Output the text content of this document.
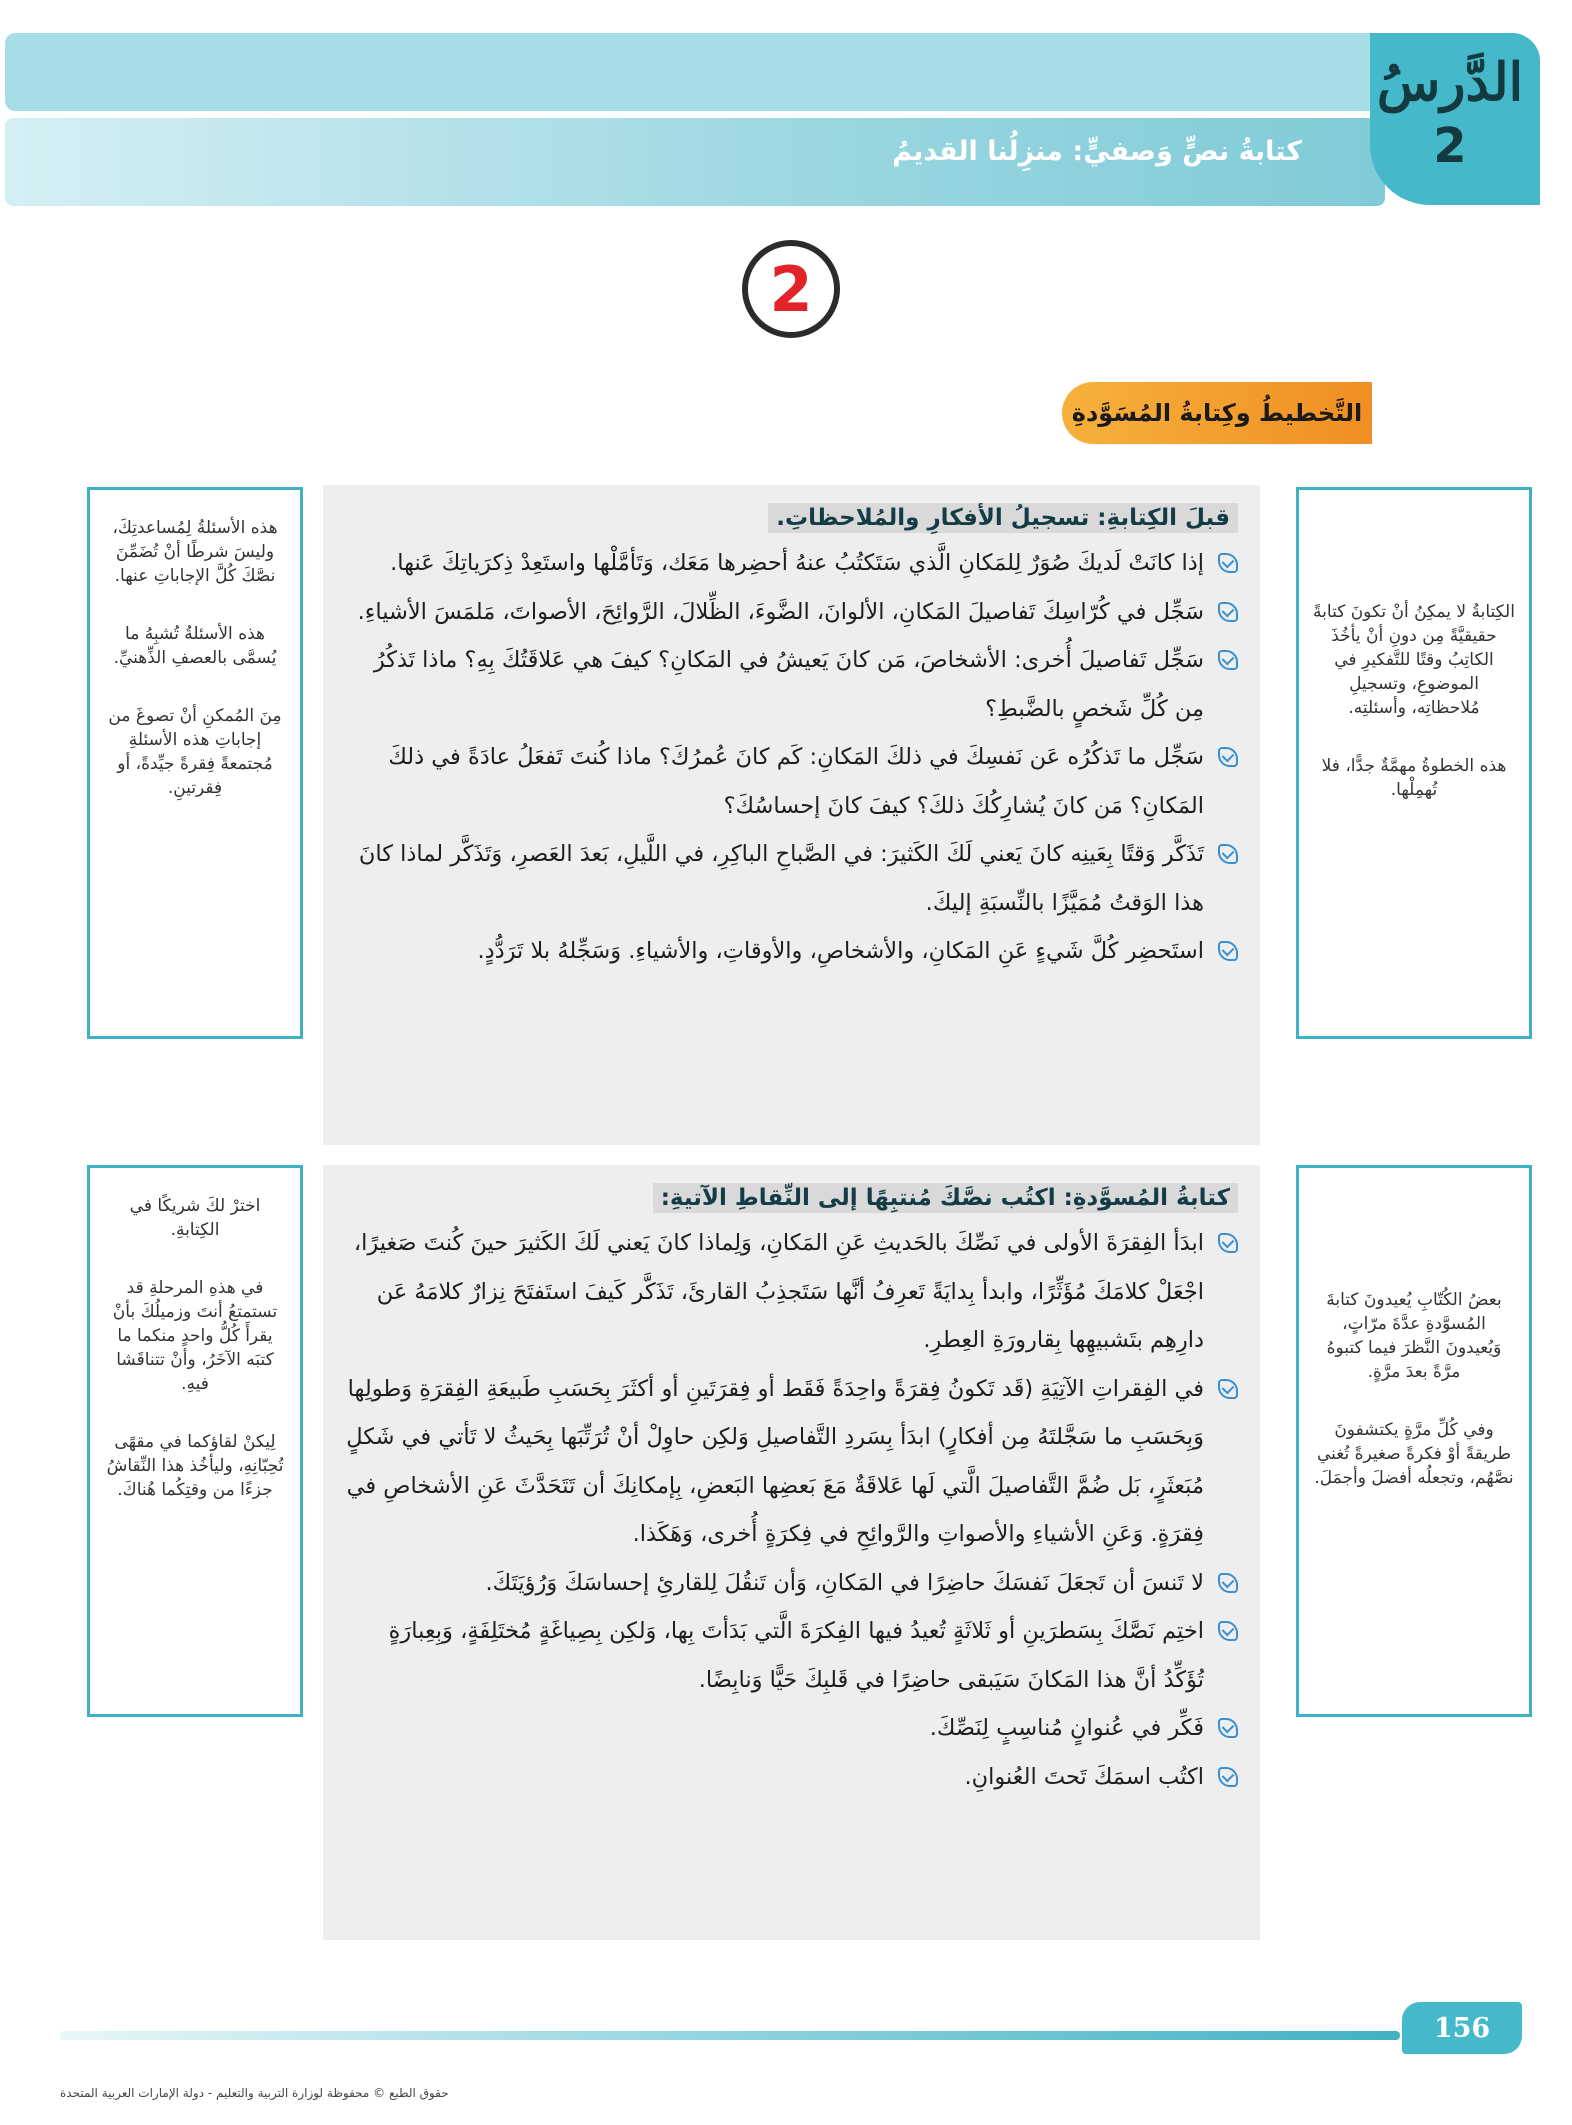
كتابةُ نصٍّ وَصفيٍّ: منزِلُنا القديمُ
الدَّرسُ
2
2
التَّخطيطُ وكِتابةُ المُسَوَّدةِ

الكِتابةُ لا يمكِنُ أنْ تكونَ كتابةً حقيقيَّةً مِن دونِ أنْ يأخُذَ الكاتِبُ وقتًا للتَّفكيرِ في الموضوعِ، وتسجيلِ مُلاحظاتِه، وأسئلتِه.

هذه الخطوةُ مهمَّةٌ جدًّا، فلا تُهمِلْها.

هذه الأسئلةُ لِمُساعدتِكَ، وليسَ شرطًا أنْ تُضَمِّنَ نصَّكَ كُلَّ الإجاباتِ عنها.

هذه الأسئلةُ تُشبِهُ ما يُسمَّى بالعصفِ الذِّهنيِّ.

مِنَ المُمكنِ أنْ تصوغَ من إجاباتِ هذه الأسئلةِ مُجتمعةً فِقرةً جيِّدةً، أو فِقرتينِ.

قبلَ الكِتابةِ: تسجيلُ الأفكارِ والمُلاحظاتِ.
إذا كانَتْ لَديكَ صُوَرٌ لِلمَكانِ الَّذي سَتَكتُبُ عنهُ أحضِرها مَعَك، وَتَأمَّلْها واستَعِدْ ذِكرَياتِكَ عَنها.
سَجِّل في كُرّاسِكَ تَفاصيلَ المَكانِ، الألوانَ، الضَّوءَ، الظِّلالَ، الرَّوائِحَ، الأصواتَ، مَلمَسَ الأشياءِ.
سَجِّل تَفاصيلَ أُخرى: الأشخاصَ، مَن كانَ يَعيشُ في المَكانِ؟ كيفَ هي عَلاقَتُكَ بِهِ؟ ماذا تَذكُرُ مِن كُلِّ شَخصٍ بالضَّبطِ؟
سَجِّل ما تَذكُرُه عَن نَفسِكَ في ذلكَ المَكانِ: كَم كانَ عُمرُكَ؟ ماذا كُنتَ تَفعَلُ عادَةً في ذلكَ المَكانِ؟ مَن كانَ يُشارِكُكَ ذلكَ؟ كيفَ كانَ إحساسُكَ؟
تَذَكَّر وَقتًا بِعَينِه كانَ يَعني لَكَ الكَثيرَ: في الصَّباحِ الباكِرِ، في اللَّيلِ، بَعدَ العَصرِ، وَتَذَكَّر لماذا كانَ هذا الوَقتُ مُمَيَّزًا بالنِّسبَةِ إليكَ.
استَحضِر كُلَّ شَيءٍ عَنِ المَكانِ، والأشخاصِ، والأوقاتِ، والأشياءِ. وَسَجِّلهُ بلا تَرَدُّدٍ.

بعضُ الكُتّابِ يُعيدونَ كتابةَ المُسوَّدةِ عدَّةَ مرّاتٍ، وَيُعيدونَ النَّظرَ فيما كتبوهُ مرَّةً بعدَ مرَّةٍ.

وفي كُلِّ مرَّةٍ يكتشفونَ طريقةً أوْ فكرةً صغيرةً تُغني نصَّهُم، وتجعلُه أفضلَ وأجمَلَ.

اخترْ لكَ شريكًا في الكِتابةِ.

في هذهِ المرحلةِ قد تستمتعُ أنتَ وزميلُكَ بأنْ يقرأَ كُلُّ واحدٍ منكما ما كتبَه الآخَرُ، وأنْ تتناقَشا فيهِ.

لِيكنْ لقاؤكما في مقهًى تُحِبّانِهِ، وليأخُذ هذا النِّقاشُ جزءًا من وقتِكُما هُناكَ.

كتابةُ المُسوَّدةِ: اكتُب نصَّكَ مُنتبِهًا إلى النِّقاطِ الآتيةِ:
ابدَأ الفِقرَةَ الأولى في نَصِّكَ بالحَديثِ عَنِ المَكانِ، وَلِماذا كانَ يَعني لَكَ الكَثيرَ حينَ كُنتَ صَغيرًا، اجْعَلْ كلامَكَ مُؤَثِّرًا، وابدأ بِدايَةً تَعرِفُ أنَّها سَتَجذِبُ القارئَ، تَذَكَّر كَيفَ استَفتَحَ نِزارٌ كلامَهُ عَن دارِهِم بتَشبيهِها بِقارورَةِ العِطرِ.
في الفِقراتِ الآتِيَةِ (قَد تَكونُ فِقرَةً واحِدَةً فَقَط أو فِقرَتَينِ أو أكثَرَ بِحَسَبِ طَبيعَةِ الفِقرَةِ وَطولِها وَبِحَسَبِ ما سَجَّلتَهُ مِن أفكارٍ) ابدَأ بِسَردِ التَّفاصيلِ وَلكِن حاوِلْ أنْ تُرَتِّبَها بِحَيثُ لا تَأتي في شَكلٍ مُبَعثَرٍ، بَل ضُمَّ التَّفاصيلَ الَّتي لَها عَلاقَةٌ مَعَ بَعضِها البَعضِ، بِإمكانِكَ أن تَتَحَدَّثَ عَنِ الأشخاصِ في فِقرَةٍ. وَعَنِ الأشياءِ والأصواتِ والرَّوائِحِ في فِكرَةٍ أُخرى، وَهَكَذا.
لا تَنسَ أن تَجعَلَ نَفسَكَ حاضِرًا في المَكانِ، وَأن تَنقُلَ لِلقارئِ إحساسَكَ وَرُؤيَتَكَ.
اختِم نَصَّكَ بِسَطرَينِ أو ثَلاثَةٍ تُعيدُ فيها الفِكرَةَ الَّتي بَدَأتَ بِها، وَلكِن بِصِياغَةٍ مُختَلِفَةٍ، وَبِعِبارَةٍ تُؤَكِّدُ أنَّ هذا المَكانَ سَيَبقى حاضِرًا في قَلبِكَ حَيًّا وَنابِضًا.
فَكِّر في عُنوانٍ مُناسِبٍ لِنَصِّكَ.
اكتُب اسمَكَ تَحتَ العُنوانِ.
156
حقوق الطبع © محفوظة لوزارة التربية والتعليم - دولة الإمارات العربية المتحدة
